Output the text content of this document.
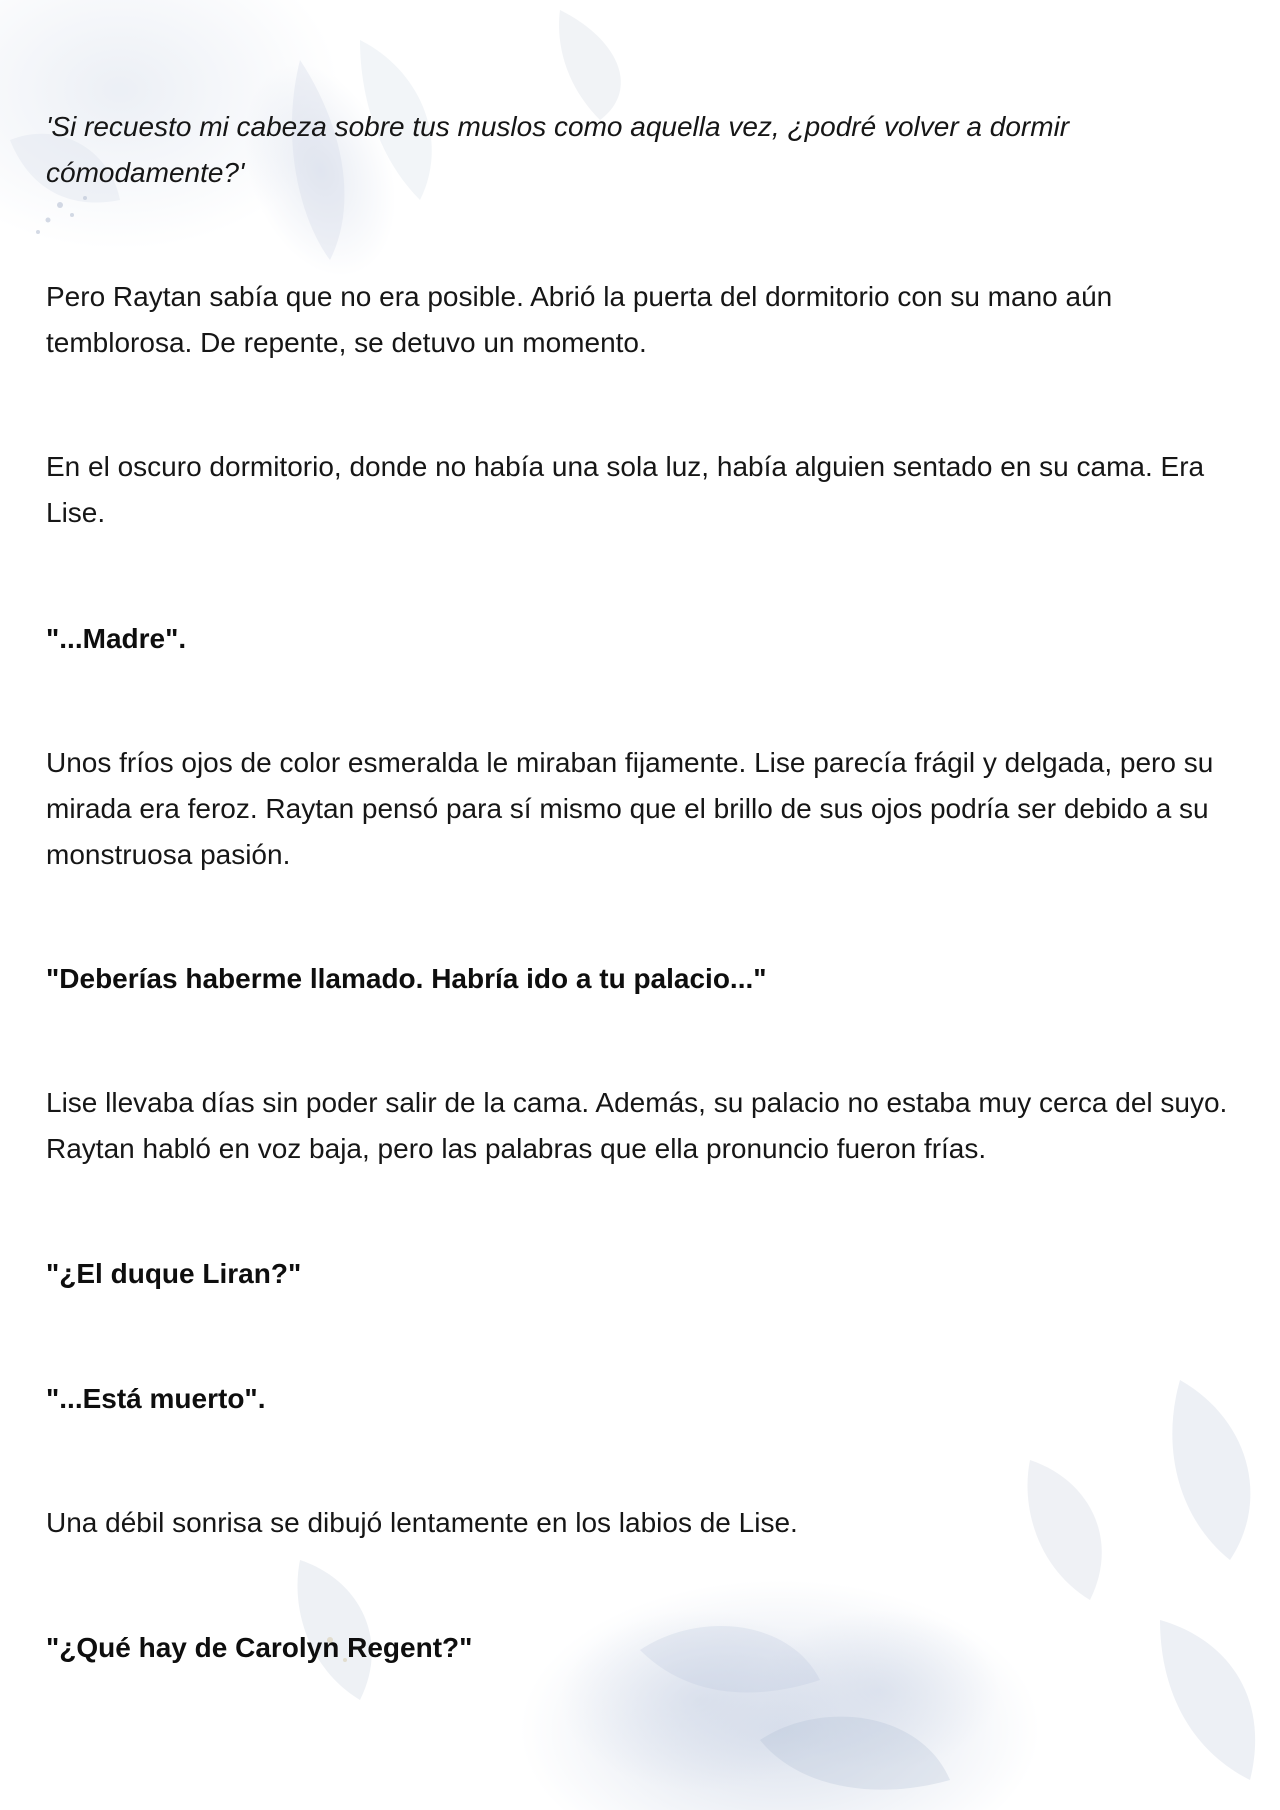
'Si recuesto mi cabeza sobre tus muslos como aquella vez, ¿podré volver a dormir cómodamente?'

Pero Raytan sabía que no era posible. Abrió la puerta del dormitorio con su mano aún temblorosa. De repente, se detuvo un momento.

En el oscuro dormitorio, donde no había una sola luz, había alguien sentado en su cama. Era Lise.

"...Madre".

Unos fríos ojos de color esmeralda le miraban fijamente. Lise parecía frágil y delgada, pero su mirada era feroz. Raytan pensó para sí mismo que el brillo de sus ojos podría ser debido a su monstruosa pasión.

"Deberías haberme llamado. Habría ido a tu palacio..."

Lise llevaba días sin poder salir de la cama. Además, su palacio no estaba muy cerca del suyo. Raytan habló en voz baja, pero las palabras que ella pronuncio fueron frías.

"¿El duque Liran?"

"...Está muerto".

Una débil sonrisa se dibujó lentamente en los labios de Lise.

"¿Qué hay de Carolyn Regent?"
